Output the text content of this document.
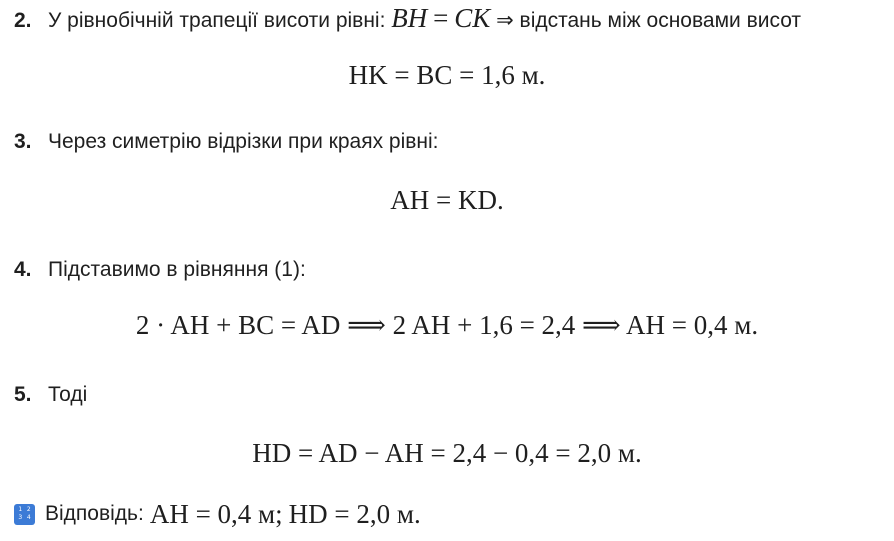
2. У рівнобічній трапеції висоти рівні: BH = CK ⇒ відстань між основами висот
HK = BC = 1,6 м.
3. Через симетрію відрізки при краях рівні:
AH = KD.
4. Підставимо в рівняння (1):
2 · AH + BC = AD ⟹ 2 AH + 1,6 = 2,4 ⟹ AH = 0,4 м.
5. Тоді
HD = AD − AH = 2,4 − 0,4 = 2,0 м.
1 2
3 4 Відповідь: AH = 0,4 м; HD = 2,0 м.
